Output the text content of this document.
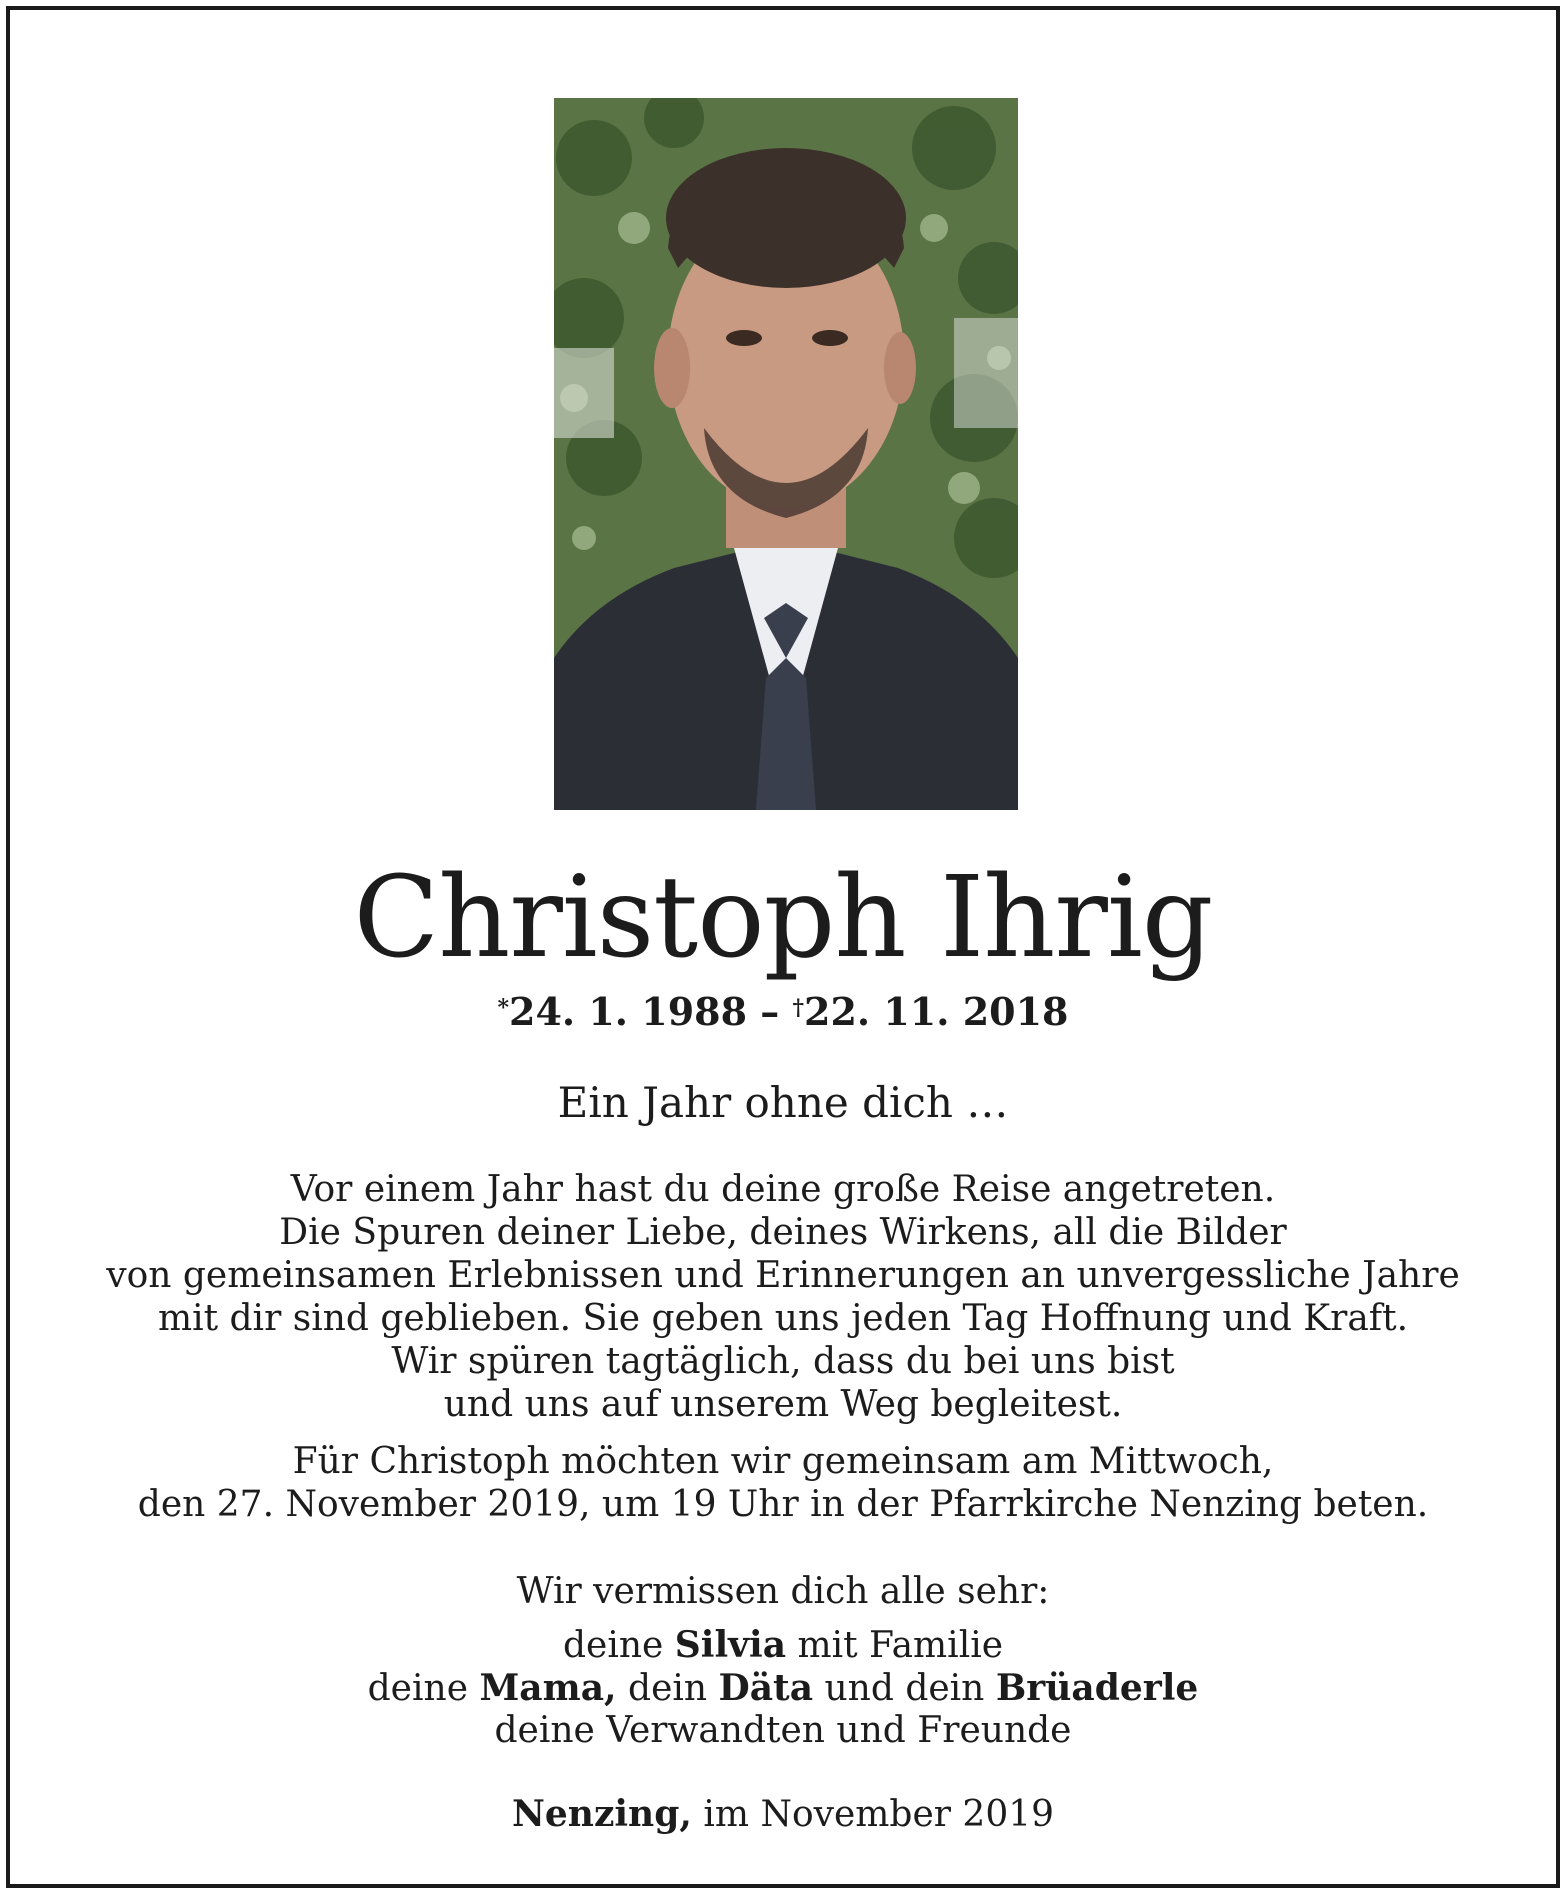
Christoph Ihrig
*24. 1. 1988 – †22. 11. 2018
Ein Jahr ohne dich …
Vor einem Jahr hast du deine große Reise angetreten.
Die Spuren deiner Liebe, deines Wirkens, all die Bilder
von gemeinsamen Erlebnissen und Erinnerungen an unvergessliche Jahre
mit dir sind geblieben. Sie geben uns jeden Tag Hoffnung und Kraft.
Wir spüren tagtäglich, dass du bei uns bist
und uns auf unserem Weg begleitest.
Für Christoph möchten wir gemeinsam am Mittwoch,
den 27. November 2019, um 19 Uhr in der Pfarrkirche Nenzing beten.
Wir vermissen dich alle sehr:
deine Silvia mit Familie
deine Mama, dein Däta und dein Brüaderle
deine Verwandten und Freunde
Nenzing, im November 2019
